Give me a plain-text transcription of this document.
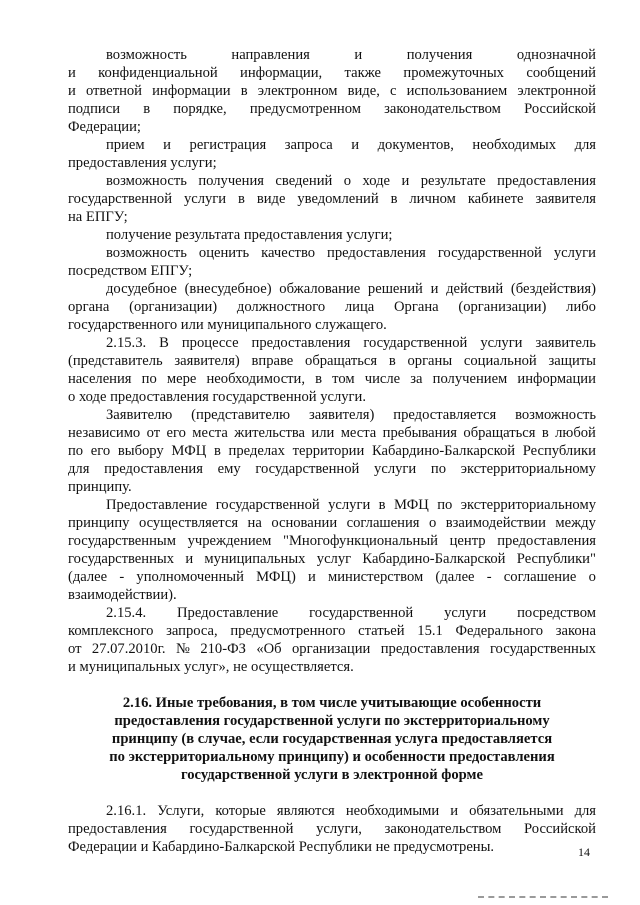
возможность	направления	и	получения	однозначной
и конфиденциальной информации, также промежуточных сообщений
и ответной информации в электронном виде, с использованием электронной
подписи в порядке, предусмотренном законодательством Российской
Федерации;
прием и регистрация запроса и документов, необходимых для
предоставления услуги;
возможность получения сведений о ходе и результате предоставления
государственной услуги в виде уведомлений в личном кабинете заявителя
на ЕПГУ;
получение результата предоставления услуги;
возможность оценить качество предоставления государственной услуги
посредством ЕПГУ;
досудебное (внесудебное) обжалование решений и действий (бездействия)
органа (организации) должностного лица Органа (организации) либо
государственного или муниципального служащего.
2.15.3. В процессе предоставления государственной услуги заявитель
(представитель заявителя) вправе обращаться в органы социальной защиты
населения по мере необходимости, в том числе за получением информации
о ходе предоставления государственной услуги.
Заявителю (представителю заявителя) предоставляется возможность
независимо от его места жительства или места пребывания обращаться в любой
по его выбору МФЦ в пределах территории Кабардино-Балкарской Республики
для предоставления ему государственной услуги по экстерриториальному
принципу.
Предоставление государственной услуги в МФЦ по экстерриториальному
принципу осуществляется на основании соглашения о взаимодействии между
государственным учреждением "Многофункциональный центр предоставления
государственных и муниципальных услуг Кабардино-Балкарской Республики"
(далее - уполномоченный МФЦ) и министерством (далее - соглашение о
взаимодействии).
2.15.4. Предоставление государственной услуги посредством
комплексного запроса, предусмотренного статьей 15.1 Федерального закона
от 27.07.2010г. № 210-ФЗ «Об организации предоставления государственных
и муниципальных услуг», не осуществляется.
2.16. Иные требования, в том числе учитывающие особенности
предоставления государственной услуги по экстерриториальному
принципу (в случае, если государственная услуга предоставляется
по экстерриториальному принципу) и особенности предоставления
государственной услуги в электронной форме
2.16.1. Услуги, которые являются необходимыми и обязательными для
предоставления государственной услуги, законодательством Российской
Федерации и Кабардино-Балкарской Республики не предусмотрены.	14
